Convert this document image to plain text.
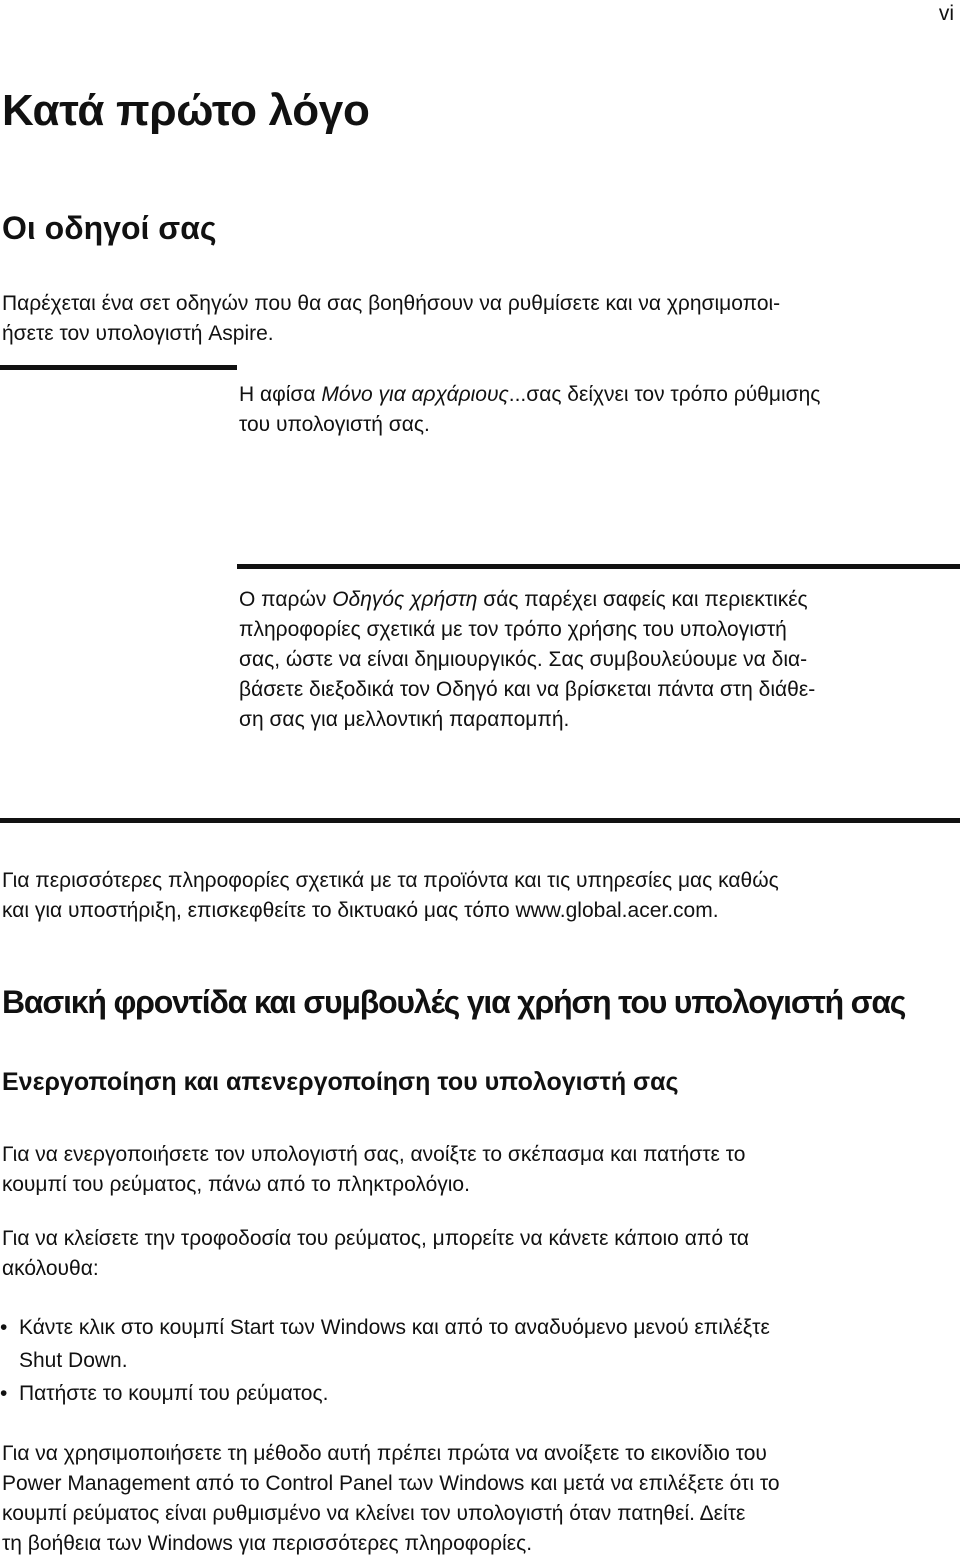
vi
Κατά πρώτο λόγο
Οι οδηγοί σας
Παρέχεται ένα σετ οδηγών που θα σας βοηθήσουν να ρυθμίσετε και να χρησιμοποι-
ήσετε τον υπολογιστή Aspire.
Η αφίσα Μόνο για αρχάριους...σας δείχνει τον τρόπο ρύθμισης
του υπολογιστή σας.
Ο παρών Οδηγός χρήστη σάς παρέχει σαφείς και περιεκτικές
πληροφορίες σχετικά με τον τρόπο χρήσης του υπολογιστή
σας, ώστε να είναι δημιουργικός. Σας συμβουλεύουμε να δια-
βάσετε διεξοδικά τον Οδηγό και να βρίσκεται πάντα στη διάθε-
ση σας για μελλοντική παραπομπή.
Για περισσότερες πληροφορίες σχετικά με τα προϊόντα και τις υπηρεσίες μας καθώς
και για υποστήριξη, επισκεφθείτε το δικτυακό μας τόπο www.global.acer.com.
Βασική φροντίδα και συμβουλές για χρήση του υπολογιστή σας
Ενεργοποίηση και απενεργοποίηση του υπολογιστή σας
Για να ενεργοποιήσετε τον υπολογιστή σας, ανοίξτε το σκέπασμα και πατήστε το
κουμπί του ρεύματος, πάνω από το πληκτρολόγιο.
Για να κλείσετε την τροφοδοσία του ρεύματος, μπορείτε να κάνετε κάποιο από τα
ακόλουθα:
• Κάντε κλικ στο κουμπί Start των Windows και από το αναδυόμενο μενού επιλέξτε
Shut Down.
• Πατήστε το κουμπί του ρεύματος.
Για να χρησιμοποιήσετε τη μέθοδο αυτή πρέπει πρώτα να ανοίξετε το εικονίδιο του
Power Management από το Control Panel των Windows και μετά να επιλέξετε ότι το
κουμπί ρεύματος είναι ρυθμισμένο να κλείνει τον υπολογιστή όταν πατηθεί. Δείτε
τη βοήθεια των Windows για περισσότερες πληροφορίες.
